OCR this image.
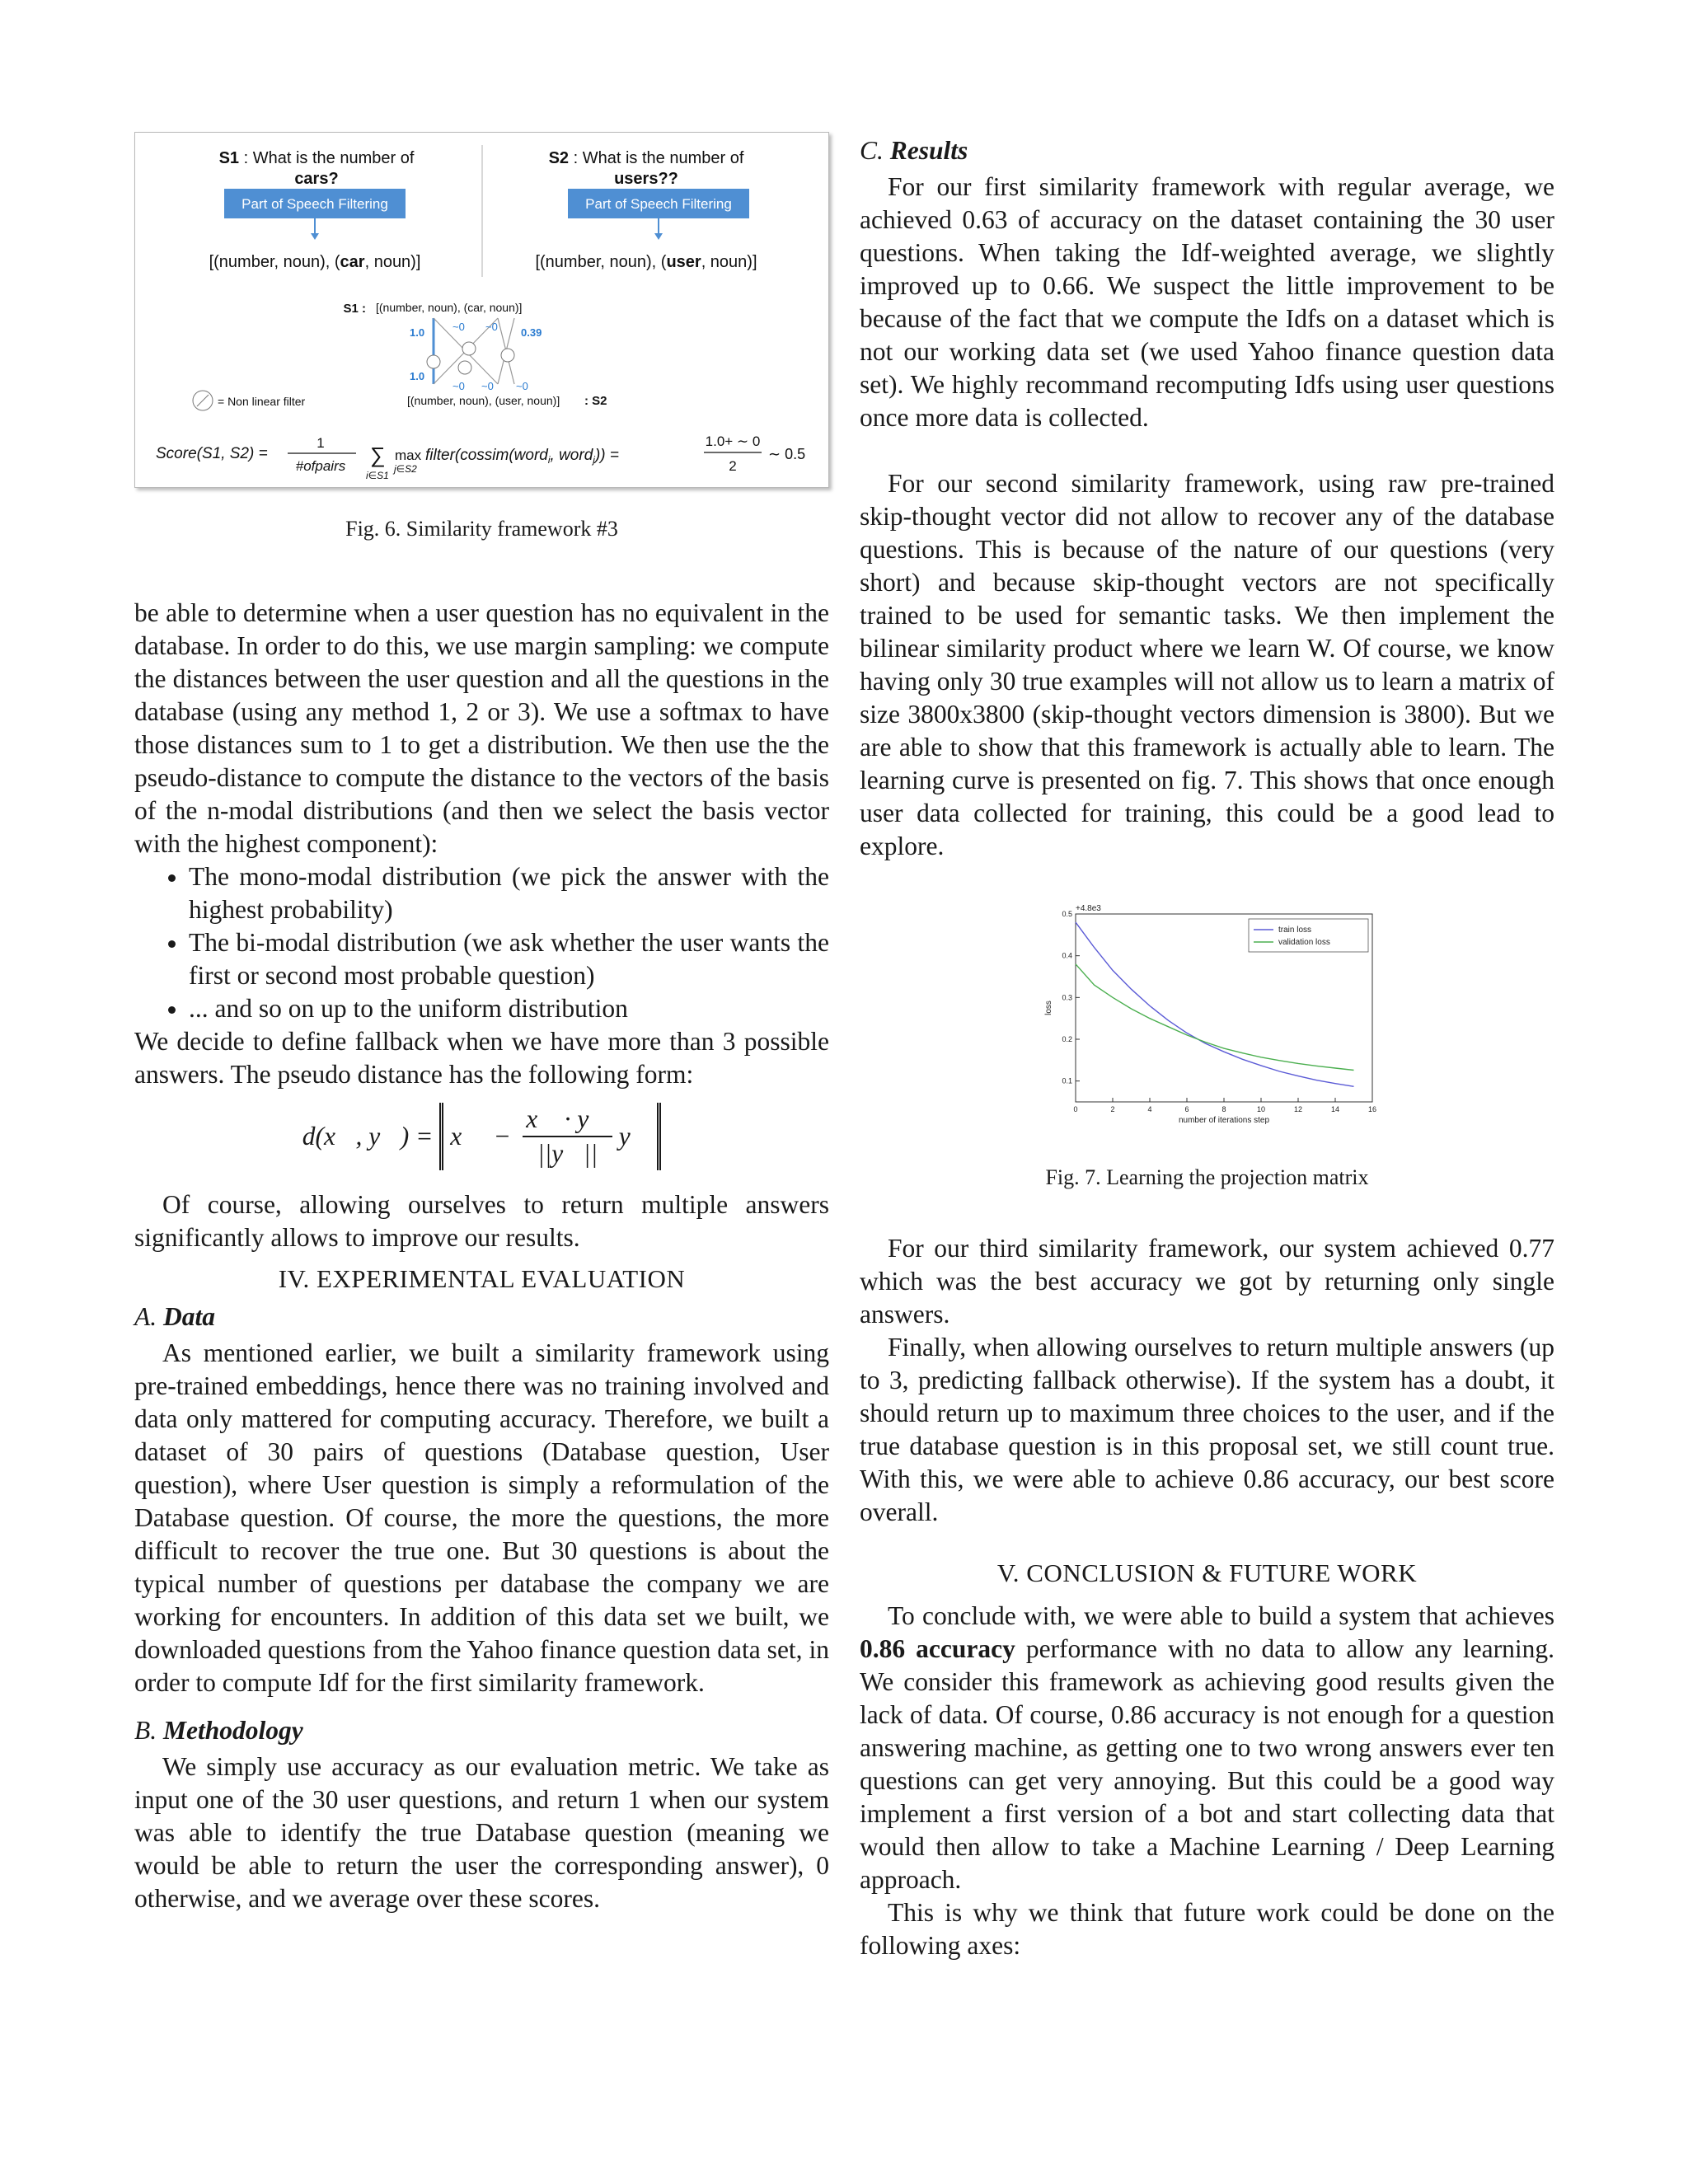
S1 : What is the number of
cars?
S2 : What is the number of
users??
Part of Speech Filtering	Part of Speech Filtering
[(number, noun), (car, noun)]	[(number, noun), (user, noun)]
S1 : [(number, noun), (car, noun)]
[(number, noun), (user, noun)] : S2
1.0	~0 ~0 0.39
1.0
~0 ~0 ~0
= Non linear filter
Score(S1, S2) =
1
#ofpairs ∑
i∈S1
max
j∈S2
filter(cossim(word$_i$, word$_j$)) =
1.0+ ∼ 0
2
∼ 0.5
Fig. 6. Similarity framework #3

be able to determine when a user question has no equivalent in the database. In order to do this, we use margin sampling: we compute the distances between the user question and all the questions in the database (using any method 1, 2 or 3). We use a softmax to have those distances sum to 1 to get a distribution. We then use the the pseudo-distance to compute the distance to the vectors of the basis of the n-modal distributions (and then we select the basis vector with the highest component):

• The mono-modal distribution (we pick the answer with the highest probability)
• The bi-modal distribution (we ask whether the user wants the first or second most probable question)
• ... and so on up to the uniform distribution

We decide to define fallback when we have more than 3 possible answers. The pseudo distance has the following form:

d(x⃗, y⃗) = x⃗ − $\frac{x⃗ \cdot y⃗}{||y⃗||}$ y⃗

Of course, allowing ourselves to return multiple answers significantly allows to improve our results.

IV. EXPERIMENTAL EVALUATION
A. Data

As mentioned earlier, we built a similarity framework using pre-trained embeddings, hence there was no training involved and data only mattered for computing accuracy. Therefore, we built a dataset of 30 pairs of questions (Database question, User question), where User question is simply a reformulation of the Database question. Of course, the more the questions, the more difficult to recover the true one. But 30 questions is about the typical number of questions per database the company we are working for encounters. In addition of this data set we built, we downloaded questions from the Yahoo finance question data set, in order to compute Idf for the first similarity framework.

B. Methodology

We simply use accuracy as our evaluation metric. We take as input one of the 30 user questions, and return 1 when our system was able to identify the true Database question (meaning we would be able to return the user the corresponding answer), 0 otherwise, and we average over these scores.

C. Results

For our first similarity framework with regular average, we achieved 0.63 of accuracy on the dataset containing the 30 user questions. When taking the Idf-weighted average, we slightly improved up to 0.66. We suspect the little improvement to be because of the fact that we compute the Idfs on a dataset which is not our working data set (we used Yahoo finance question data set). We highly recommand recomputing Idfs using user questions once more data is collected.

For our second similarity framework, using raw pre-trained skip-thought vector did not allow to recover any of the database questions. This is because of the nature of our questions (very short) and because skip-thought vectors are not specifically trained to be used for semantic tasks. We then implement the bilinear similarity product where we learn W. Of course, we know having only 30 true examples will not allow us to learn a matrix of size 3800x3800 (skip-thought vectors dimension is 3800). But we are able to show that this framework is actually able to learn. The learning curve is presented on fig. 7. This shows that once enough user data collected for training, this could be a good lead to explore.

+4.8e3
0.1
0.2
0.3
0.4
0.5
0	2	4	6	8	10	12	14	16
loss
number of iterations step
train loss
validation loss
Fig. 7. Learning the projection matrix

For our third similarity framework, our system achieved 0.77 which was the best accuracy we got by returning only single answers.

Finally, when allowing ourselves to return multiple answers (up to 3, predicting fallback otherwise). If the system has a doubt, it should return up to maximum three choices to the user, and if the true database question is in this proposal set, we still count true. With this, we were able to achieve 0.86 accuracy, our best score overall.

V. CONCLUSION & FUTURE WORK

To conclude with, we were able to build a system that achieves 0.86 accuracy performance with no data to allow any learning. We consider this framework as achieving good results given the lack of data. Of course, 0.86 accuracy is not enough for a question answering machine, as getting one to two wrong answers ever ten questions can get very annoying. But this could be a good way implement a first version of a bot and start collecting data that would then allow to take a Machine Learning / Deep Learning approach.

This is why we think that future work could be done on the following axes:
